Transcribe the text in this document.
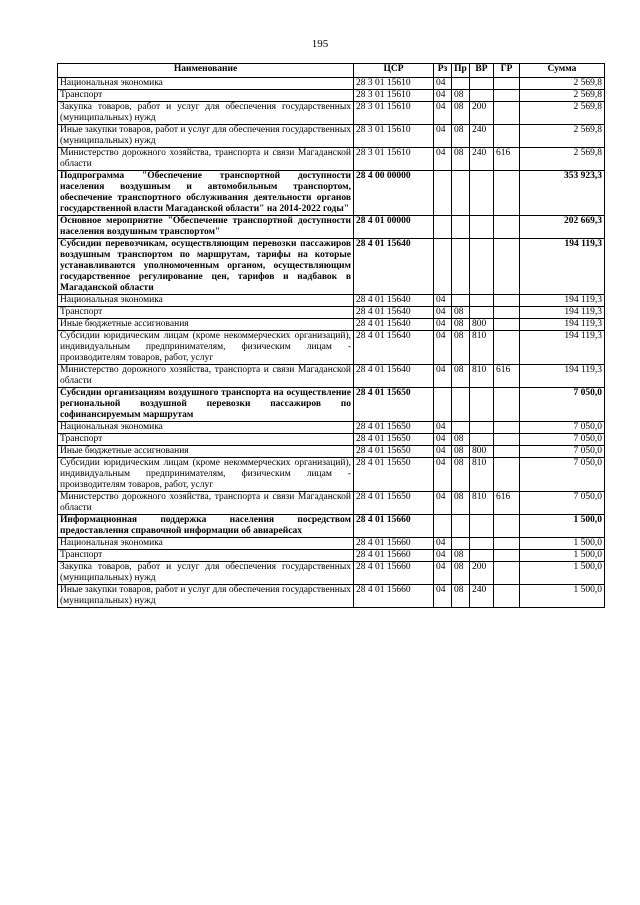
195
Наименование	ЦСР	Рз	Пр	ВР	ГР	Сумма
Национальная экономика	28 3 01 15610	04				2 569,8
Транспорт	28 3 01 15610	04	08			2 569,8
Закупка товаров, работ и услуг для обеспечения государственных (муниципальных) нужд	28 3 01 15610	04	08	200		2 569,8
Иные закупки товаров, работ и услуг для обеспечения государственных (муниципальных) нужд	28 3 01 15610	04	08	240		2 569,8
Министерство дорожного хозяйства, транспорта и связи Магаданской области	28 3 01 15610	04	08	240	616	2 569,8
Подпрограмма "Обеспечение транспортной доступности населения воздушным и автомобильным транспортом, обеспечение транспортного обслуживания деятельности органов государственной власти Магаданской области" на 2014-2022 годы"	28 4 00 00000					353 923,3
Основное мероприятие "Обеспечение транспортной доступности населения воздушным транспортом"	28 4 01 00000					202 669,3
Субсидии перевозчикам, осуществляющим перевозки пассажиров воздушным транспортом по маршрутам, тарифы на которые устанавливаются уполномоченным органом, осуществляющим государственное регулирование цен, тарифов и надбавок в Магаданской области	28 4 01 15640					194 119,3
Национальная экономика	28 4 01 15640	04				194 119,3
Транспорт	28 4 01 15640	04	08			194 119,3
Иные бюджетные ассигнования	28 4 01 15640	04	08	800		194 119,3
Субсидии юридическим лицам (кроме некоммерческих организаций), индивидуальным предпринимателям, физическим лицам - производителям товаров, работ, услуг	28 4 01 15640	04	08	810		194 119,3
Министерство дорожного хозяйства, транспорта и связи Магаданской области	28 4 01 15640	04	08	810	616	194 119,3
Субсидии организациям воздушного транспорта на осуществление региональной воздушной перевозки пассажиров по софинансируемым маршрутам	28 4 01 15650					7 050,0
Национальная экономика	28 4 01 15650	04				7 050,0
Транспорт	28 4 01 15650	04	08			7 050,0
Иные бюджетные ассигнования	28 4 01 15650	04	08	800		7 050,0
Субсидии юридическим лицам (кроме некоммерческих организаций), индивидуальным предпринимателям, физическим лицам - производителям товаров, работ, услуг	28 4 01 15650	04	08	810		7 050,0
Министерство дорожного хозяйства, транспорта и связи Магаданской области	28 4 01 15650	04	08	810	616	7 050,0
Информационная поддержка населения посредством предоставления справочной информации об авиарейсах	28 4 01 15660					1 500,0
Национальная экономика	28 4 01 15660	04				1 500,0
Транспорт	28 4 01 15660	04	08			1 500,0
Закупка товаров, работ и услуг для обеспечения государственных (муниципальных) нужд	28 4 01 15660	04	08	200		1 500,0
Иные закупки товаров, работ и услуг для обеспечения государственных (муниципальных) нужд	28 4 01 15660	04	08	240		1 500,0
